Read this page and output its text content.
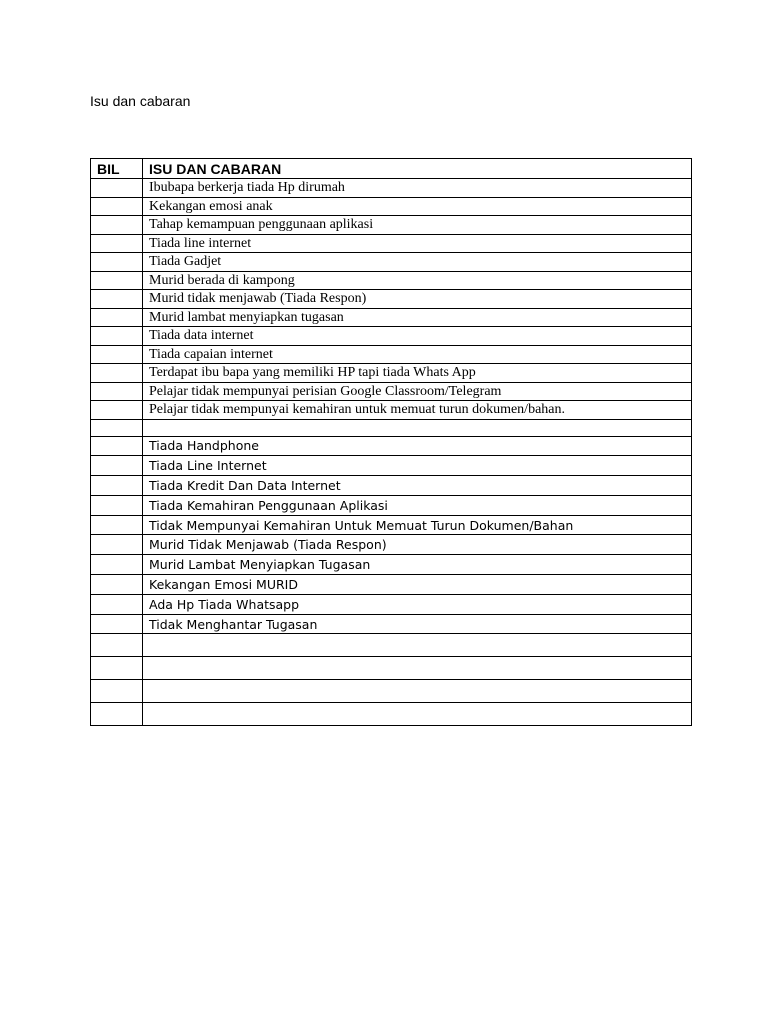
Isu dan cabaran
BIL	ISU DAN CABARAN
	Ibubapa berkerja tiada Hp dirumah
	Kekangan emosi anak
	Tahap kemampuan penggunaan aplikasi
	Tiada line internet
	Tiada Gadjet
	Murid berada di kampong
	Murid tidak menjawab (Tiada Respon)
	Murid lambat menyiapkan tugasan
	Tiada data internet
	Tiada capaian internet
	Terdapat ibu bapa yang memiliki HP tapi tiada Whats App
	Pelajar tidak mempunyai perisian Google Classroom/Telegram
	Pelajar tidak mempunyai kemahiran untuk memuat turun dokumen/bahan.

	Tiada Handphone
	Tiada Line Internet
	Tiada Kredit Dan Data Internet
	Tiada Kemahiran Penggunaan Aplikasi
	Tidak Mempunyai Kemahiran Untuk Memuat Turun Dokumen/Bahan
	Murid Tidak Menjawab (Tiada Respon)
	Murid Lambat Menyiapkan Tugasan
	Kekangan Emosi MURID
	Ada Hp Tiada Whatsapp
	Tidak Menghantar Tugasan
